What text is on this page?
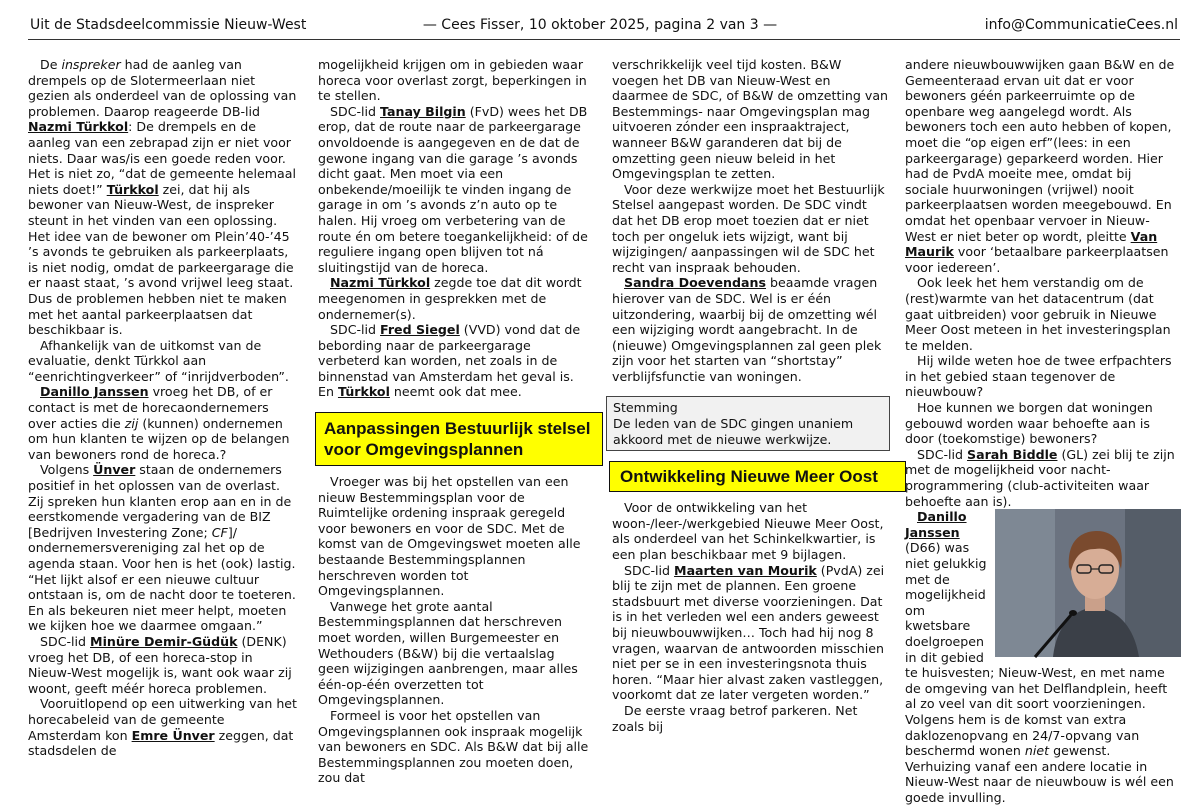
Uit de Stadsdeelcommissie Nieuw-West	— Cees Fisser, 10 oktober 2025, pagina 2 van 3 —	info@CommunicatieCees.nl

De inspreker had de aanleg van drempels op de Slotermeerlaan niet gezien als onderdeel van de oplossing van problemen. Daarop reageerde DB-lid Nazmi Türkkol: De drempels en de aanleg van een zebrapad zijn er niet voor niets. Daar was/is een goede reden voor. Het is niet zo, “dat de gemeente helemaal niets doet!” Türkkol zei, dat hij als bewoner van Nieuw-West, de inspreker steunt in het vinden van een oplossing. Het idee van de bewoner om Plein’40-’45 ’s avonds te gebruiken als parkeerplaats, is niet nodig, omdat de parkeergarage die er naast staat, ’s avond vrijwel leeg staat. Dus de problemen hebben niet te maken met het aantal parkeerplaatsen dat beschikbaar is.

Afhankelijk van de uitkomst van de evaluatie, denkt Türkkol aan “eenrichtingverkeer” of “inrijdverboden”.

Danillo Janssen vroeg het DB, of er contact is met de horecaondernemers over acties die zij (kunnen) ondernemen om hun klanten te wijzen op de belangen van bewoners rond de horeca.?

Volgens Ünver staan de ondernemers positief in het oplossen van de overlast. Zij spreken hun klanten erop aan en in de eerstkomende vergadering van de BIZ [Bedrijven Investering Zone; CF]/ ondernemersvereniging zal het op de agenda staan. Voor hen is het (ook) lastig. “Het lijkt alsof er een nieuwe cultuur ontstaan is, om de nacht door te toeteren. En als bekeuren niet meer helpt, moeten we kijken hoe we daarmee omgaan.”

SDC-lid Minüre Demir-Güdük (DENK) vroeg het DB, of een horeca-stop in Nieuw-West mogelijk is, want ook waar zij woont, geeft méér horeca problemen.

Vooruitlopend op een uitwerking van het horecabeleid van de gemeente Amsterdam kon Emre Ünver zeggen, dat stadsdelen de

mogelijkheid krijgen om in gebieden waar horeca voor overlast zorgt, beperkingen in te stellen.

SDC-lid Tanay Bilgin (FvD) wees het DB erop, dat de route naar de parkeergarage onvoldoende is aangegeven en de dat de gewone ingang van die garage ’s avonds dicht gaat. Men moet via een onbekende/moeilijk te vinden ingang de garage in om ’s avonds z’n auto op te halen. Hij vroeg om verbetering van de route én om betere toegankelijkheid: of de reguliere ingang open blijven tot ná sluitingstijd van de horeca.

Nazmi Türkkol zegde toe dat dit wordt meegenomen in gesprekken met de ondernemer(s).

SDC-lid Fred Siegel (VVD) vond dat de bebording naar de parkeergarage verbeterd kan worden, net zoals in de binnenstad van Amsterdam het geval is. En Türkkol neemt ook dat mee.

Aanpassingen Bestuurlijk stelsel voor Omgevingsplannen

Vroeger was bij het opstellen van een nieuw Bestemmingsplan voor de Ruimtelijke ordening inspraak geregeld voor bewoners en voor de SDC. Met de komst van de Omgevingswet moeten alle bestaande Bestemmingsplannen herschreven worden tot Omgevingsplannen.

Vanwege het grote aantal Bestemmingsplannen dat herschreven moet worden, willen Burgemeester en Wethouders (B&W) bij die vertaalslag geen wijzigingen aanbrengen, maar alles één-op-één overzetten tot Omgevingsplannen.

Formeel is voor het opstellen van Omgevingsplannen ook inspraak mogelijk van bewoners en SDC. Als B&W dat bij alle Bestemmingsplannen zou moeten doen, zou dat

verschrikkelijk veel tijd kosten. B&W voegen het DB van Nieuw-West en daarmee de SDC, of B&W de omzetting van Bestemmings- naar Omgevingsplan mag uitvoeren zónder een inspraaktraject, wanneer B&W garanderen dat bij de omzetting geen nieuw beleid in het Omgevingsplan te zetten.

Voor deze werkwijze moet het Bestuurlijk Stelsel aangepast worden. De SDC vindt dat het DB erop moet toezien dat er niet toch per ongeluk iets wijzigt, want bij wijzigingen/ aanpassingen wil de SDC het recht van inspraak behouden.

Sandra Doevendans beaamde vragen hierover van de SDC. Wel is er één uitzondering, waarbij bij de omzetting wél een wijziging wordt aangebracht. In de (nieuwe) Omgevingsplannen zal geen plek zijn voor het starten van “shortstay” verblijfsfunctie van woningen.

Stemming

De leden van de SDC gingen unaniem akkoord met de nieuwe werkwijze.

Ontwikkeling Nieuwe Meer Oost

Voor de ontwikkeling van het woon-/leer-/werkgebied Nieuwe Meer Oost, als onderdeel van het Schinkelkwartier, is een plan beschikbaar met 9 bijlagen.

SDC-lid Maarten van Mourik (PvdA) zei blij te zijn met de plannen. Een groene stadsbuurt met diverse voorzieningen. Dat is in het verleden wel een anders geweest bij nieuwbouwwijken… Toch had hij nog 8 vragen, waarvan de antwoorden misschien niet per se in een investeringsnota thuis horen. “Maar hier alvast zaken vastleggen, voorkomt dat ze later vergeten worden.”

De eerste vraag betrof parkeren. Net zoals bij

andere nieuwbouwwijken gaan B&W en de Gemeenteraad ervan uit dat er voor bewoners géén parkeerruimte op de openbare weg aangelegd wordt. Als bewoners toch een auto hebben of kopen, moet die “op eigen erf”(lees: in een parkeergarage) geparkeerd worden. Hier had de PvdA moeite mee, omdat bij sociale huurwoningen (vrijwel) nooit parkeerplaatsen worden meegebouwd. En omdat het openbaar vervoer in Nieuw-West er niet beter op wordt, pleitte Van Maurik voor ‘betaalbare parkeerplaatsen voor iedereen’.

Ook leek het hem verstandig om de (rest)warmte van het datacentrum (dat gaat uitbreiden) voor gebruik in Nieuwe Meer Oost meteen in het investeringsplan te melden.

Hij wilde weten hoe de twee erfpachters in het gebied staan tegenover de nieuwbouw?

Hoe kunnen we borgen dat woningen gebouwd worden waar behoefte aan is door (toekomstige) bewoners?

SDC-lid Sarah Biddle (GL) zei blij te zijn met de mogelijkheid voor nacht-programmering (club-activiteiten waar behoefte aan is).

Danillo Janssen (D66) was niet gelukkig met de mogelijkheid om kwetsbare doelgroepen in dit gebied te huisvesten; Nieuw-West, en met name de omgeving van het Delflandplein, heeft al zo veel van dit soort voorzieningen. Volgens hem is de komst van extra daklozenopvang en 24/7-opvang van beschermd wonen niet gewenst. Verhuizing vanaf een andere locatie in Nieuw-West naar de nieuwbouw is wél een goede invulling.
